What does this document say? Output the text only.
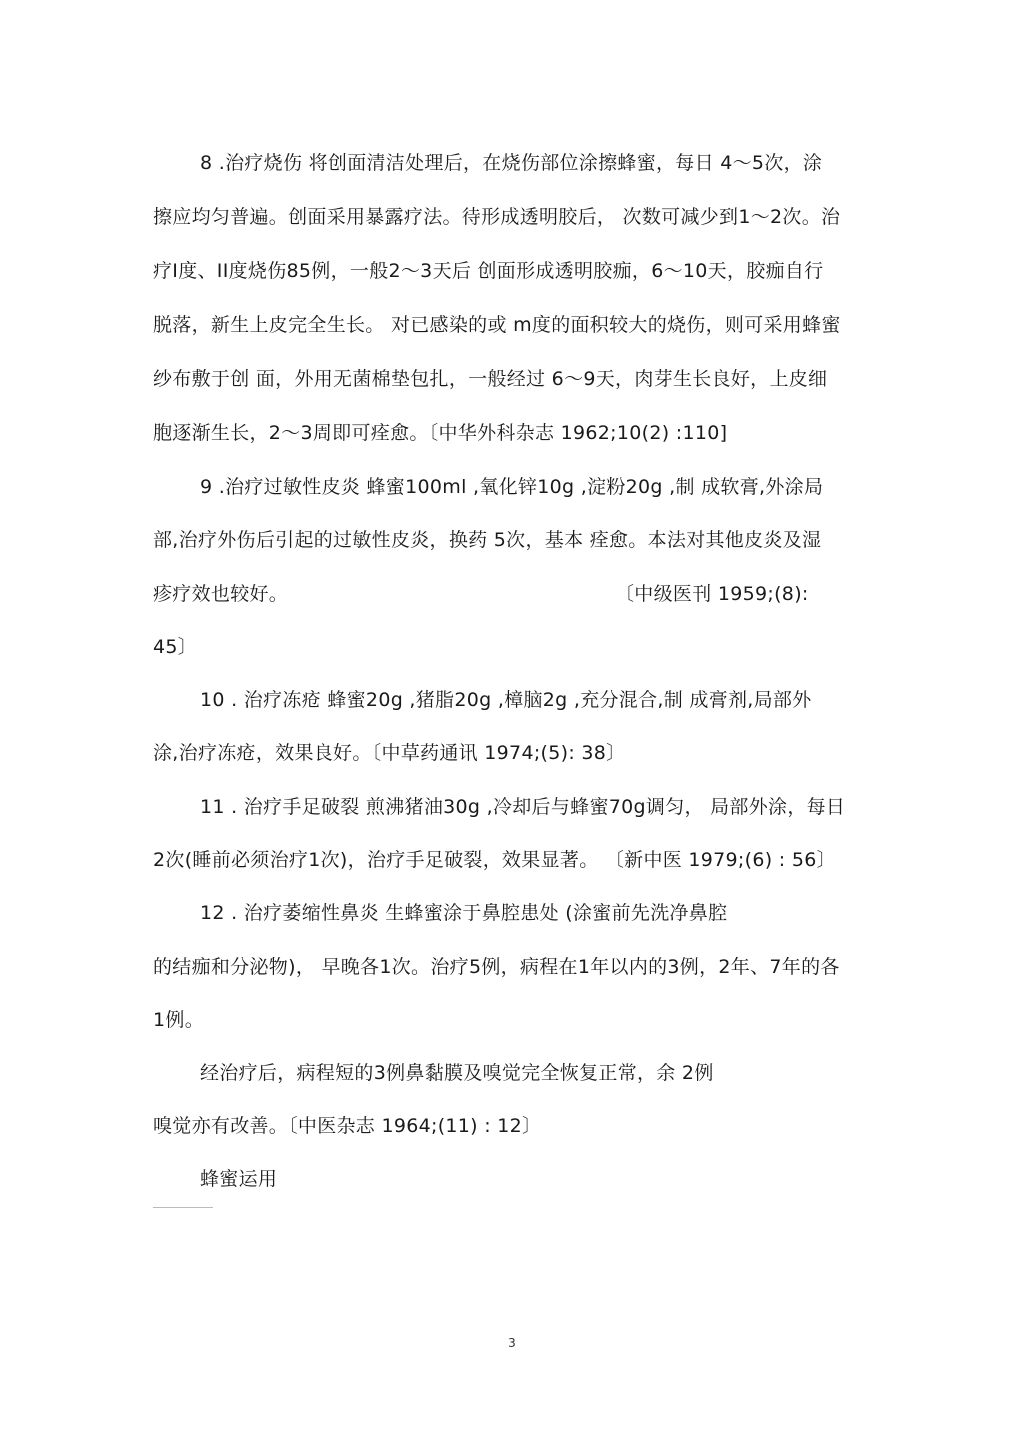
8 .治疗烧伤 将创面清洁处理后，在烧伤部位涂擦蜂蜜，每日 4～5次，涂
擦应均匀普遍。创面采用暴露疗法。待形成透明胶后， 次数可减少到1～2次。治
疗I度、II度烧伤85例，一般2～3天后 创面形成透明胶痂，6～10天，胶痂自行
脱落，新生上皮完全生长。 对已感染的或 m度的面积较大的烧伤，则可采用蜂蜜
纱布敷于创 面，外用无菌棉垫包扎，一般经过 6～9天，肉芽生长良好，上皮细
胞逐渐生长，2～3周即可痊愈。〔中华外科杂志 1962;10(2) :110]
9 .治疗过敏性皮炎 蜂蜜100ml ,氧化锌10g ,淀粉20g ,制 成软膏,外涂局
部,治疗外伤后引起的过敏性皮炎，换药 5次，基本 痊愈。本法对其他皮炎及湿
疹疗效也较好。	〔中级医刊 1959;(8):
45〕
10 . 治疗冻疮 蜂蜜20g ,猪脂20g ,樟脑2g ,充分混合,制 成膏剂,局部外
涂,治疗冻疮，效果良好。〔中草药通讯 1974;(5): 38〕
11 . 治疗手足破裂 煎沸猪油30g ,冷却后与蜂蜜70g调匀， 局部外涂，每日
2次(睡前必须治疗1次)，治疗手足破裂，效果显著。 〔新中医 1979;(6) : 56〕
12 . 治疗萎缩性鼻炎 生蜂蜜涂于鼻腔患处 (涂蜜前先洗净鼻腔
的结痂和分泌物)， 早晚各1次。治疗5例，病程在1年以内的3例，2年、7年的各
1例。
经治疗后，病程短的3例鼻黏膜及嗅觉完全恢复正常，余 2例
嗅觉亦有改善。〔中医杂志 1964;(11) : 12〕
蜂蜜运用
3
